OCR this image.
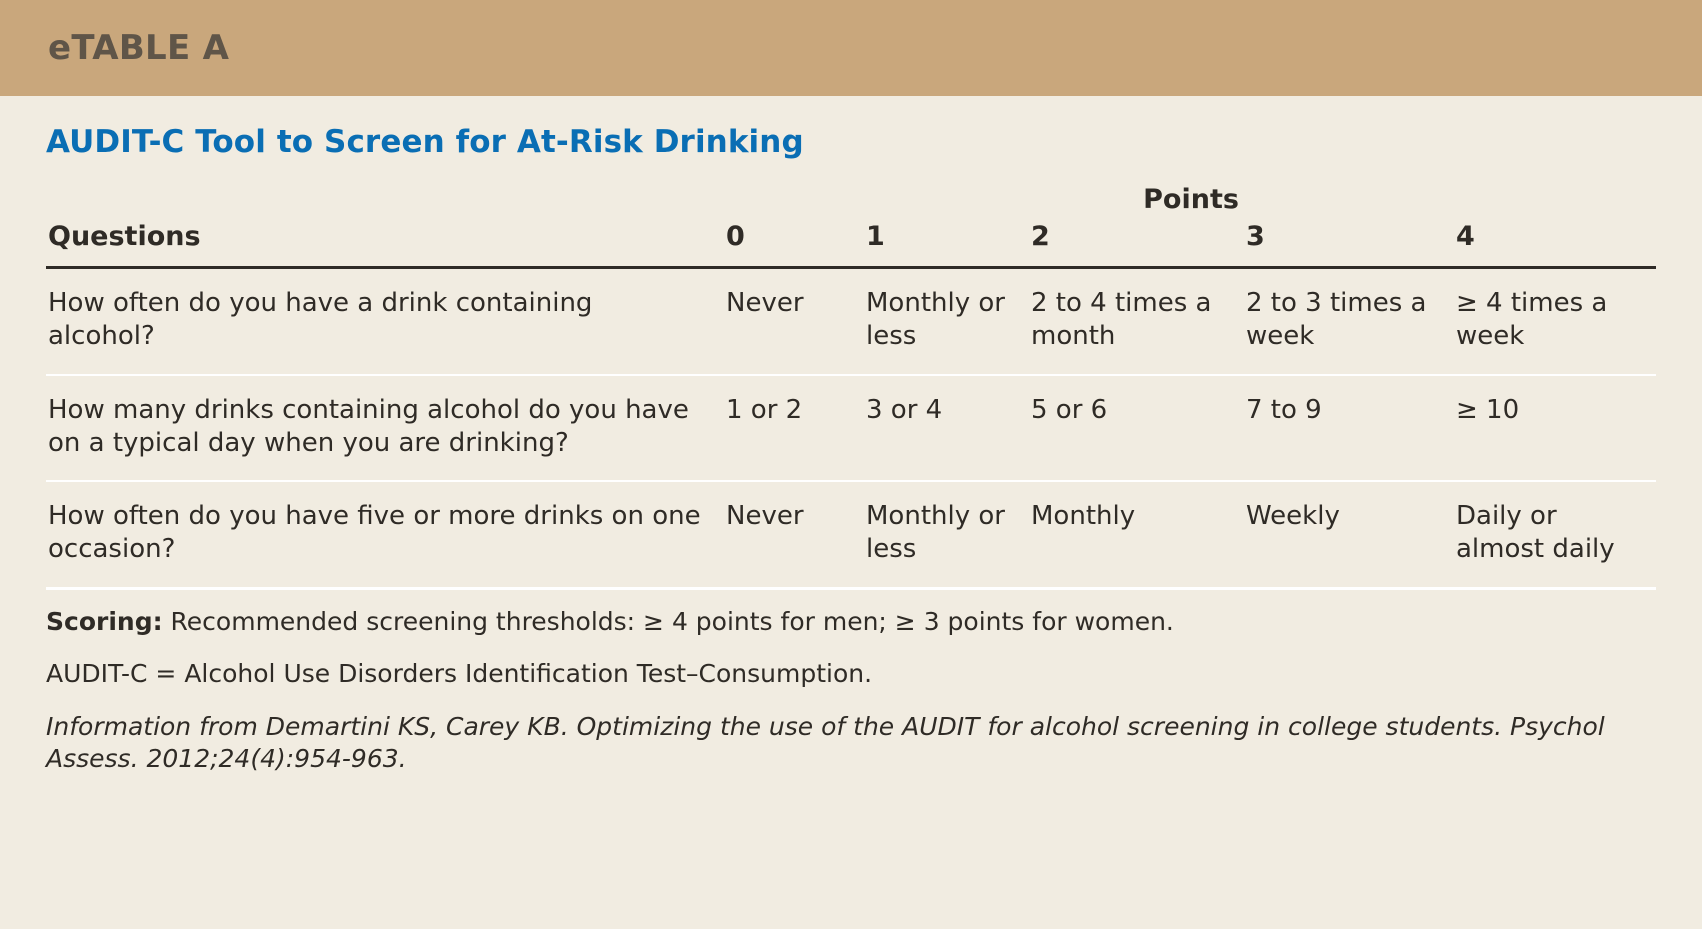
eTABLE A
AUDIT-C Tool to Screen for At-Risk Drinking
	Points				
Questions	0	1	2	3	4
How often do you have a drink containing alcohol?	Never	Monthly or less	2 to 4 times a month	2 to 3 times a week	≥ 4 times a week
How many drinks containing alcohol do you have on a typical day when you are drinking?	1 or 2	3 or 4	5 or 6	7 to 9	≥ 10
How often do you have five or more drinks on one occasion?	Never	Monthly or less	Monthly	Weekly	Daily or almost daily
Scoring: Recommended screening thresholds: ≥ 4 points for men; ≥ 3 points for women.
AUDIT-C = Alcohol Use Disorders Identification Test–Consumption.
Information from Demartini KS, Carey KB. Optimizing the use of the AUDIT for alcohol screening in college students. Psychol Assess. 2012;24(4):954-963.
